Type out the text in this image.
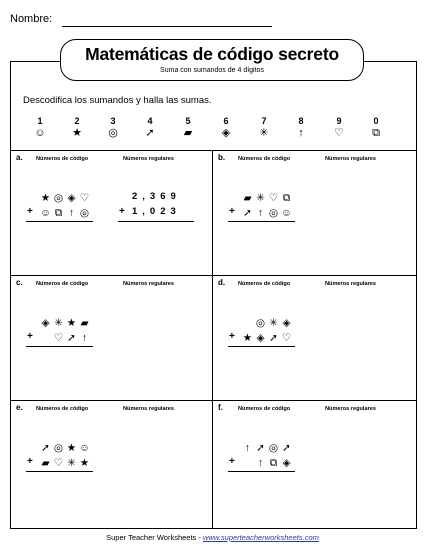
Nombre:
Matemáticas de código secreto
Suma con sumandos de 4 dígitos
Descodifica los sumandos y halla las sumas.
1
☺
2
★
3
◎
4
➚
5
▰
6
◈
7
✳
8
↑
9
♡
0
⧉
a. Números de código	Números regulares
★ ◎ ◈ ♡
☺ ⧉ ↑ ◎
+
2,369
+ 1,023
b. Números de código	Números regulares
▰ ✳ ♡ ⧉
➚ ↑ ◎ ☺
+
c. Números de código	Números regulares
◈ ✳ ★ ▰
♡ ➚ ↑
+
d. Números de código	Números regulares
◎ ✳ ◈
★ ◈ ➚ ♡
+
e. Números de código	Números regulares
➚ ◎ ★ ☺
▰ ♡ ✳ ★
+
f.	Números de código	Números regulares
↑ ➚ ◎ ➚
↑ ⧉ ◈
+
Super Teacher Worksheets - www.superteacherworksheets.com
